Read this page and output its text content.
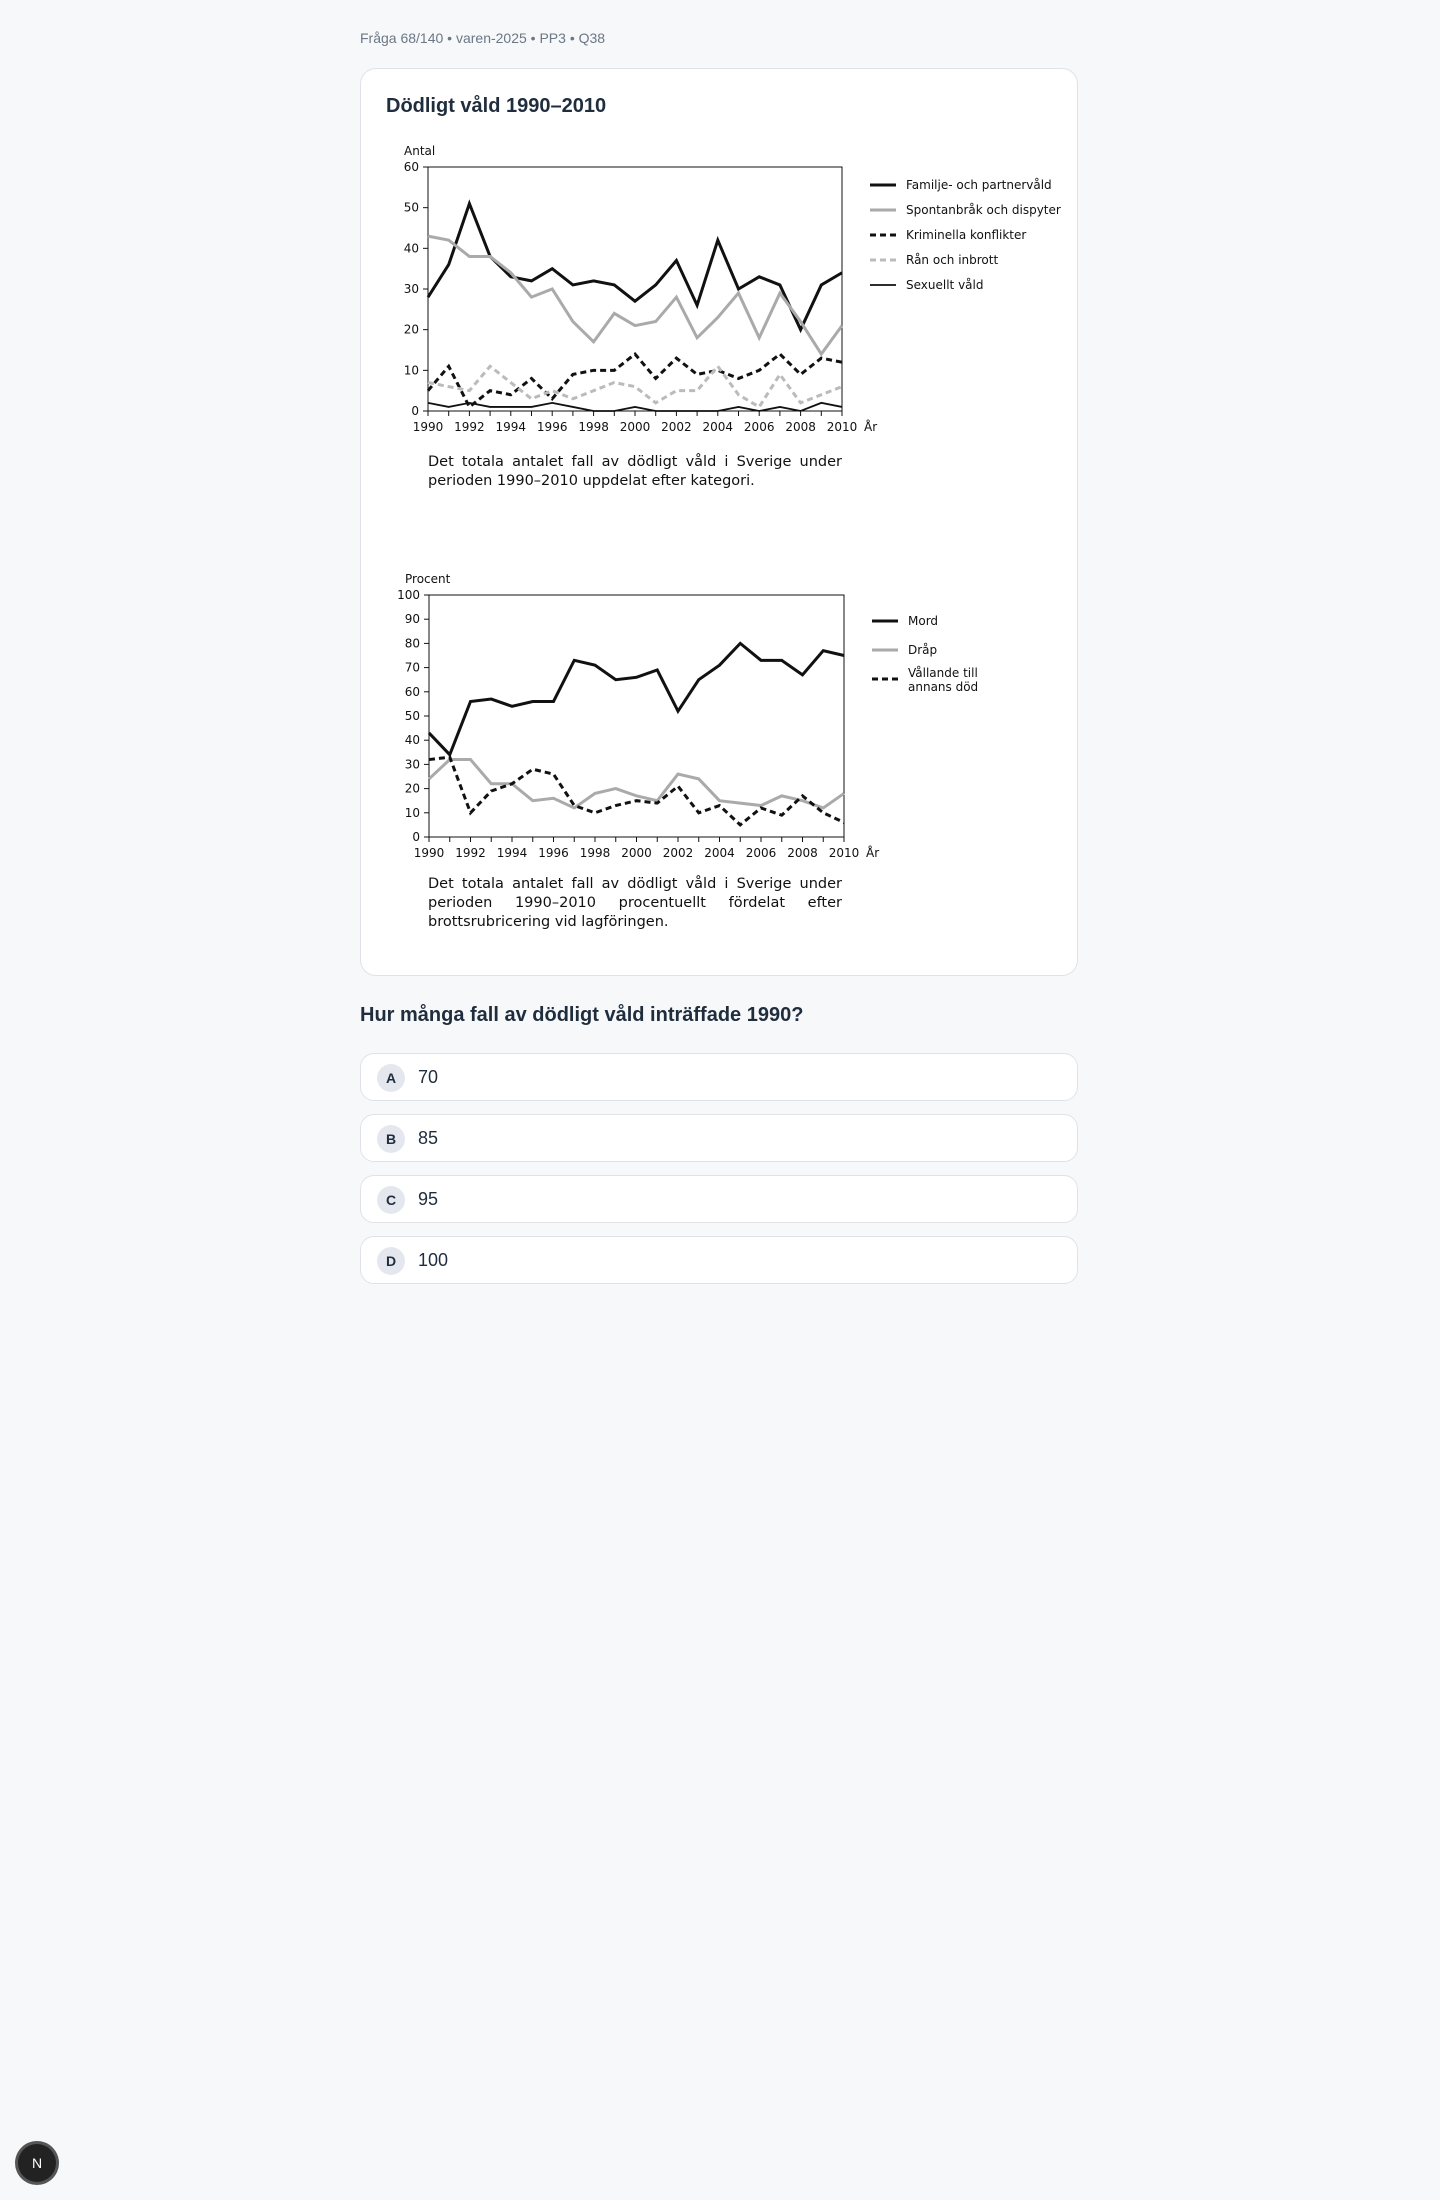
Fråga 68/140 • varen-2025 • PP3 • Q38
Dödligt våld 1990–2010
0
10
20
30
40
50
60
1990 1992 1994 1996 1998 2000 2002 2004 2006 2008 2010
Antal
År
Familje- och partnervåld
Spontanbråk och dispyter
Kriminella konflikter
Rån och inbrott
Sexuellt våld
Det totala antalet fall av dödligt våld i Sverige under perioden 1990–2010 uppdelat efter kategori.
0
10
20
30
40
50
60
70
80
90
100
1990 1992 1994 1996 1998 2000 2002 2004 2006 2008 2010
Procent
År
Mord
Dråp
Vållande till
annans död
Det totala antalet fall av dödligt våld i Sverige under perioden 1990–2010 procentuellt fördelat efter brottsrubricering vid lagföringen.
Hur många fall av dödligt våld inträffade 1990?
A	70
B	85
C	95
D	100
N
